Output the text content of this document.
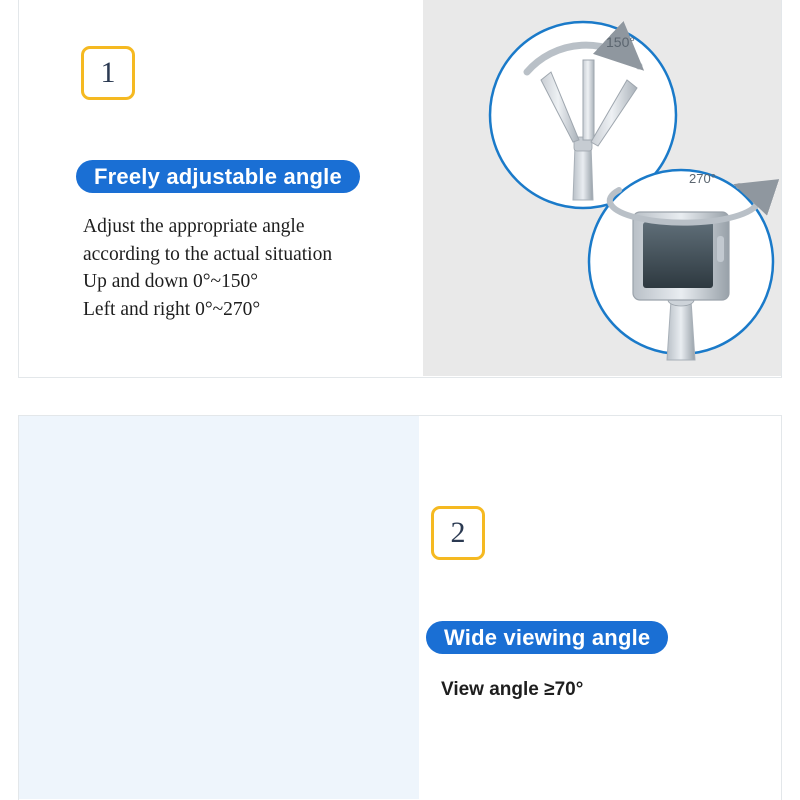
1
Freely adjustable angle
Adjust the appropriate angle
according to the actual situation
Up and down 0°~150°
Left and right 0°~270°
150°
270°
2
Wide viewing angle
View angle ≥70°
